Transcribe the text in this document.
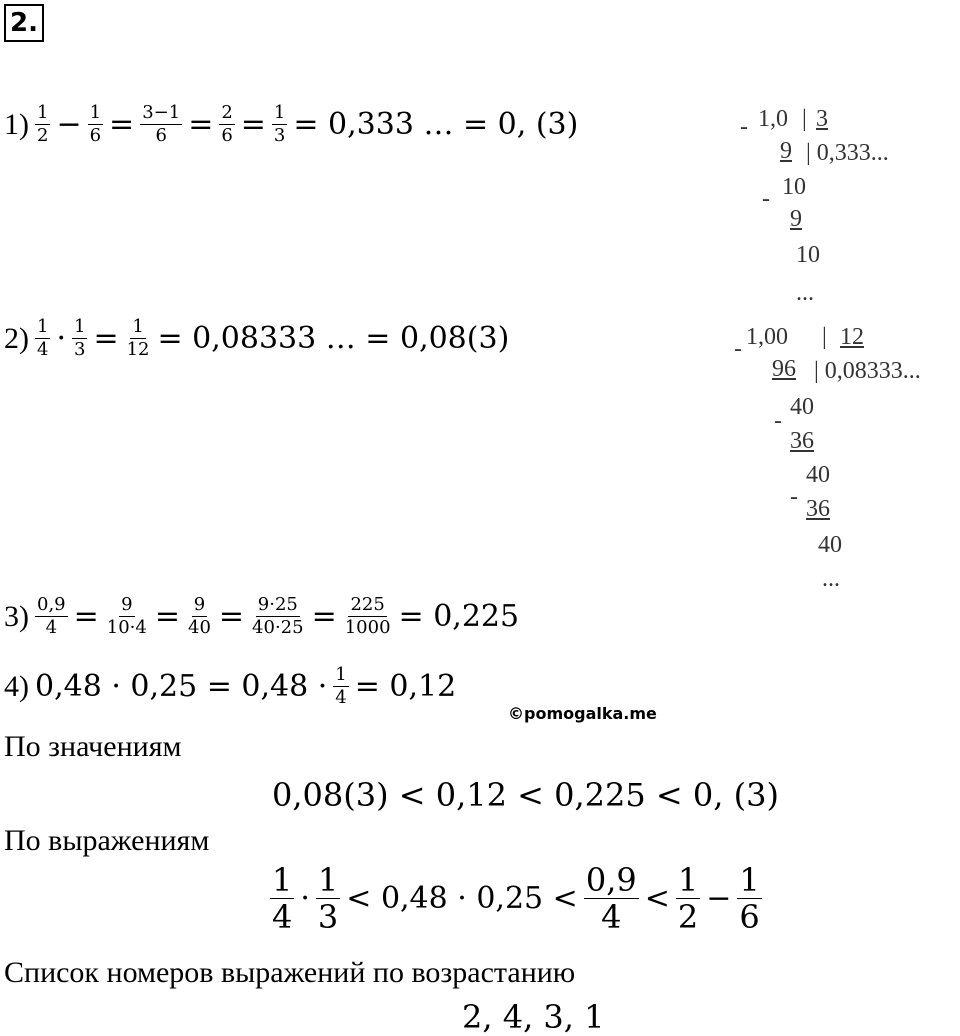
2.
$1) \frac{1}{2} - \frac{1}{6} = \frac{3-1}{6} = \frac{2}{6} = \frac{1}{3} = 0,333$ … = 0, (3)
$2) \frac{1}{4} \cdot \frac{1}{3} = \frac{1}{12} = 0,08333$ … = 0,08(3)
$3) \frac{0,9}{4} = \frac{9}{10\cdot 4} = \frac{9}{40} = \frac{9\cdot 25}{40\cdot 25} = \frac{225}{1000} = 0,225$
4) $0,48 \cdot 0,25 = 0,48 \cdot \frac{1}{4} = 0,12$
- 1,0 | 3
9 | 0,333...
- 10
9
10
...
- 1,00 | 12
96 | 0,08333...
-
40
36
40
- 36
40
...
©pomogalka.me
По значениям
0,08(3) < 0,12 < 0,225 < 0, (3)
По выражениям
$\frac{1}{4} \cdot \frac{1}{3} < 0,48 \cdot 0,25 < \frac{0,9}{4} < \frac{1}{2} - \frac{1}{6}$
Список номеров выражений по возрастанию
2, 4, 3, 1
